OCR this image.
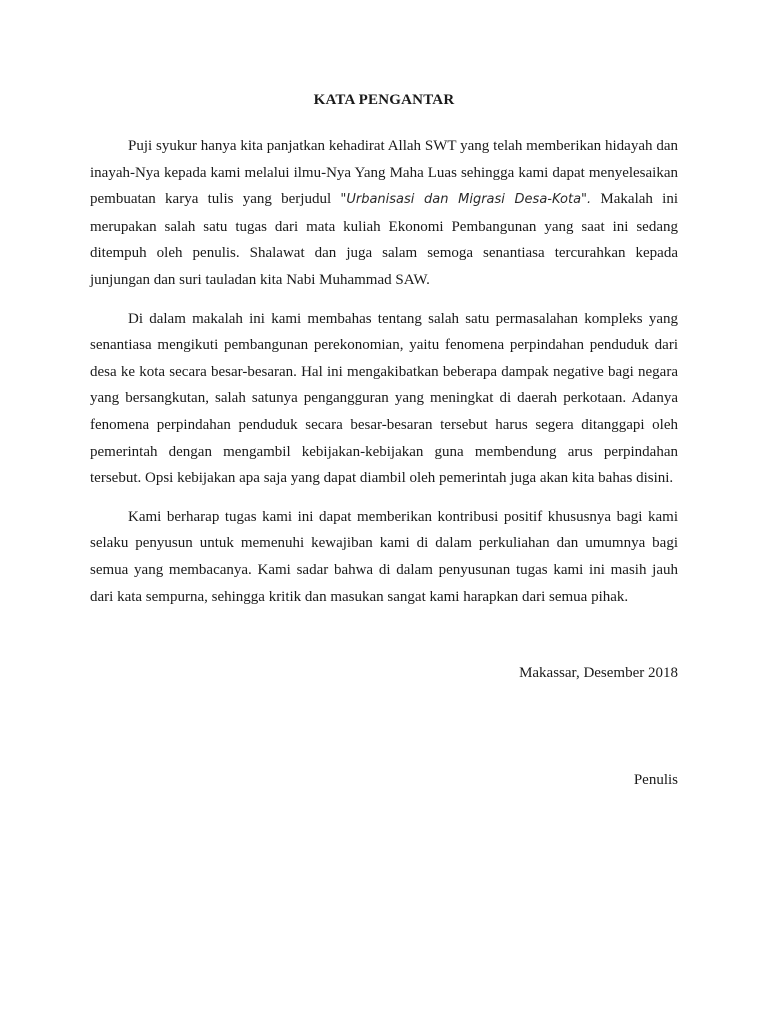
KATA PENGANTAR

Puji syukur hanya kita panjatkan kehadirat Allah SWT yang telah memberikan hidayah dan inayah-Nya kepada kami melalui ilmu-Nya Yang Maha Luas sehingga kami dapat menyelesaikan pembuatan karya tulis yang berjudul "Urbanisasi dan Migrasi Desa-Kota". Makalah ini merupakan salah satu tugas dari mata kuliah Ekonomi Pembangunan yang saat ini sedang ditempuh oleh penulis. Shalawat dan juga salam semoga senantiasa tercurahkan kepada junjungan dan suri tauladan kita Nabi Muhammad SAW.

Di dalam makalah ini kami membahas tentang salah satu permasalahan kompleks yang senantiasa mengikuti pembangunan perekonomian, yaitu fenomena perpindahan penduduk dari desa ke kota secara besar-besaran. Hal ini mengakibatkan beberapa dampak negative bagi negara yang bersangkutan, salah satunya pengangguran yang meningkat di daerah perkotaan. Adanya fenomena perpindahan penduduk secara besar-besaran tersebut harus segera ditanggapi oleh pemerintah dengan mengambil kebijakan-kebijakan guna membendung arus perpindahan tersebut. Opsi kebijakan apa saja yang dapat diambil oleh pemerintah juga akan kita bahas disini.

Kami berharap tugas kami ini dapat memberikan kontribusi positif khususnya bagi kami selaku penyusun untuk memenuhi kewajiban kami di dalam perkuliahan dan umumnya bagi semua yang membacanya. Kami sadar bahwa di dalam penyusunan tugas kami ini masih jauh dari kata sempurna, sehingga kritik dan masukan sangat kami harapkan dari semua pihak.

Makassar, Desember 2018
Penulis
